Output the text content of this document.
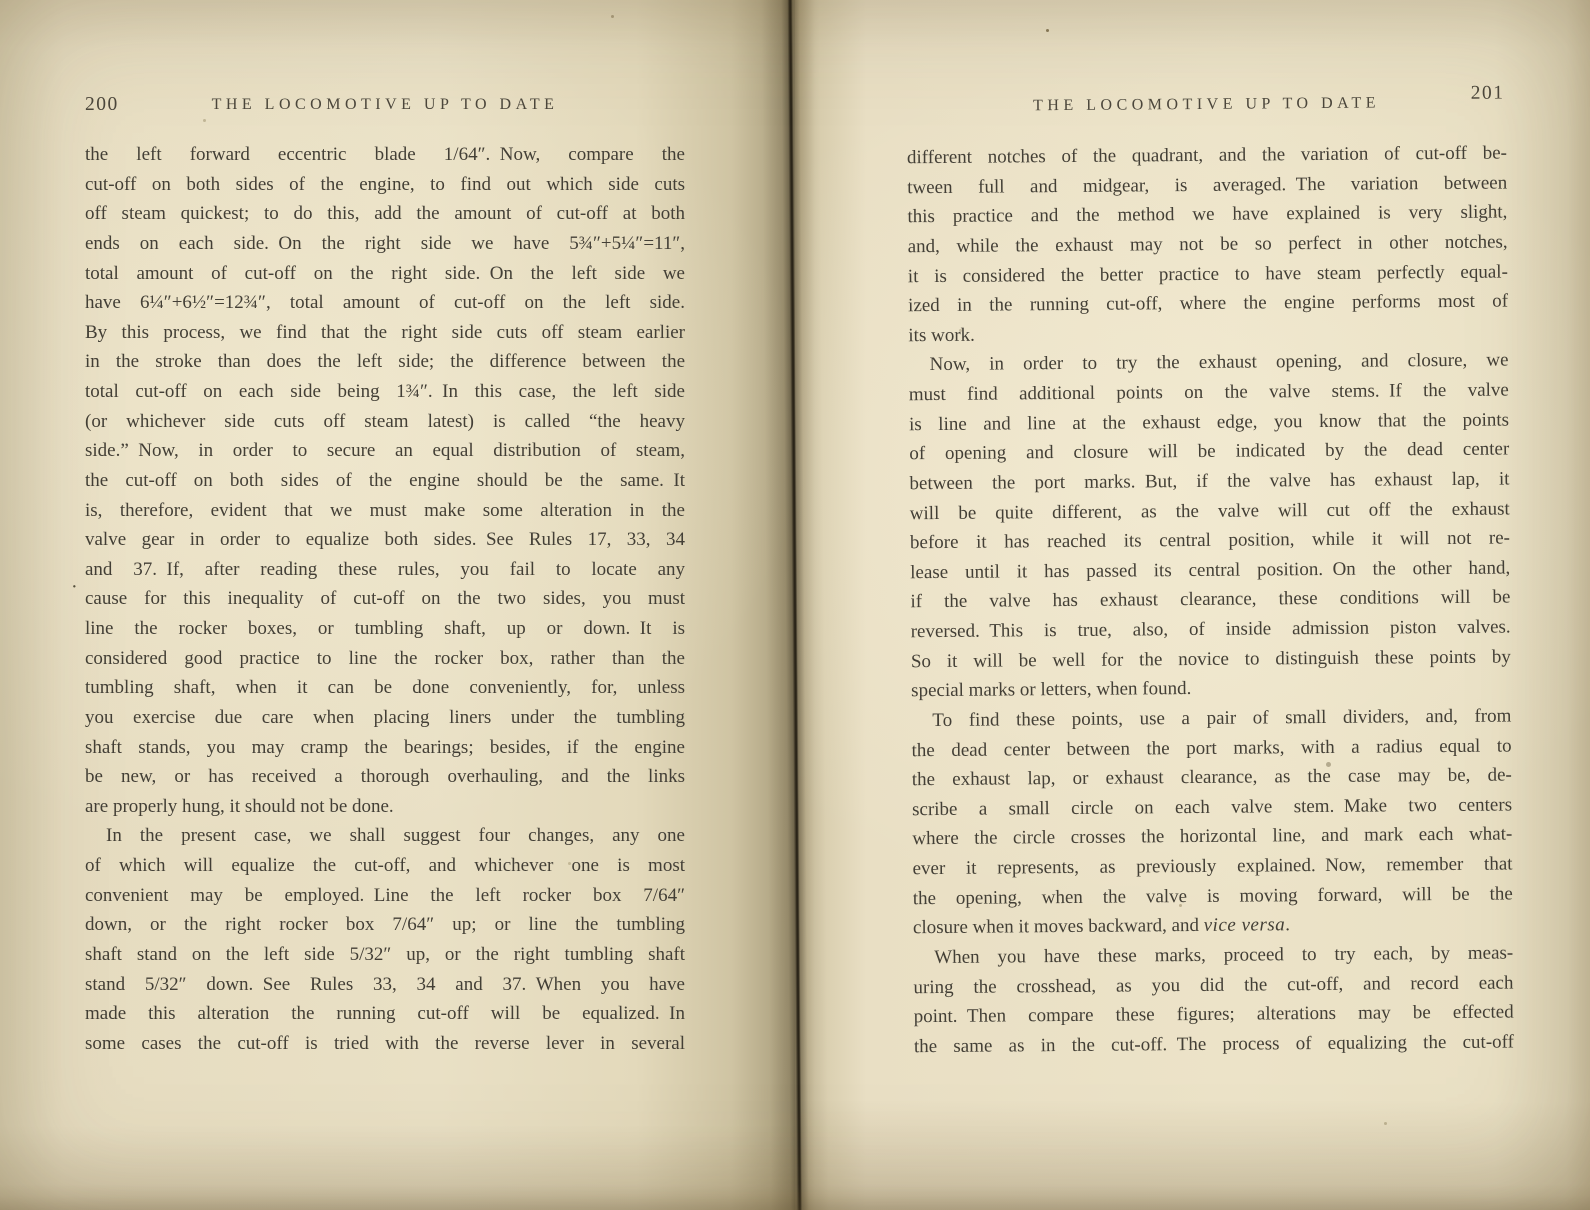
200	THE LOCOMOTIVE UP TO DATE
·
the left forward eccentric blade 1/64″. Now, compare the
cut-off on both sides of the engine, to find out which side cuts
off steam quickest; to do this, add the amount of cut-off at both
ends on each side. On the right side we have 5¾″+5¼″=11″,
total amount of cut-off on the right side. On the left side we
have 6¼″+6½″=12¾″, total amount of cut-off on the left side.
By this process, we find that the right side cuts off steam earlier
in the stroke than does the left side; the difference between the
total cut-off on each side being 1¾″. In this case, the left side
(or whichever side cuts off steam latest) is called “the heavy
side.” Now, in order to secure an equal distribution of steam,
the cut-off on both sides of the engine should be the same. It
is, therefore, evident that we must make some alteration in the
valve gear in order to equalize both sides. See Rules 17, 33, 34
and 37. If, after reading these rules, you fail to locate any
cause for this inequality of cut-off on the two sides, you must
line the rocker boxes, or tumbling shaft, up or down. It is
considered good practice to line the rocker box, rather than the
tumbling shaft, when it can be done conveniently, for, unless
you exercise due care when placing liners under the tumbling
shaft stands, you may cramp the bearings; besides, if the engine
be new, or has received a thorough overhauling, and the links
are properly hung, it should not be done.
In the present case, we shall suggest four changes, any one
of which will equalize the cut-off, and whichever one is most
convenient may be employed. Line the left rocker box 7/64″
down, or the right rocker box 7/64″ up; or line the tumbling
shaft stand on the left side 5/32″ up, or the right tumbling shaft
stand 5/32″ down. See Rules 33, 34 and 37. When you have
made this alteration the running cut-off will be equalized. In
some cases the cut-off is tried with the reverse lever in several
THE LOCOMOTIVE UP TO DATE
201
different notches of the quadrant, and the variation of cut-off be-
tween full and midgear, is averaged. The variation between
this practice and the method we have explained is very slight,
and, while the exhaust may not be so perfect in other notches,
it is considered the better practice to have steam perfectly equal-
ized in the running cut-off, where the engine performs most of
its work.
Now, in order to try the exhaust opening, and closure, we
must find additional points on the valve stems. If the valve
is line and line at the exhaust edge, you know that the points
of opening and closure will be indicated by the dead center
between the port marks. But, if the valve has exhaust lap, it
will be quite different, as the valve will cut off the exhaust
before it has reached its central position, while it will not re-
lease until it has passed its central position. On the other hand,
if the valve has exhaust clearance, these conditions will be
reversed. This is true, also, of inside admission piston valves.
So it will be well for the novice to distinguish these points by
special marks or letters, when found.
To find these points, use a pair of small dividers, and, from
the dead center between the port marks, with a radius equal to
the exhaust lap, or exhaust clearance, as the case may be, de-
scribe a small circle on each valve stem. Make two centers
where the circle crosses the horizontal line, and mark each what-
ever it represents, as previously explained. Now, remember that
the opening, when the valve is moving forward, will be the
closure when it moves backward, and vice versa.
When you have these marks, proceed to try each, by meas-
uring the crosshead, as you did the cut-off, and record each
point. Then compare these figures; alterations may be effected
the same as in the cut-off. The process of equalizing the cut-off
